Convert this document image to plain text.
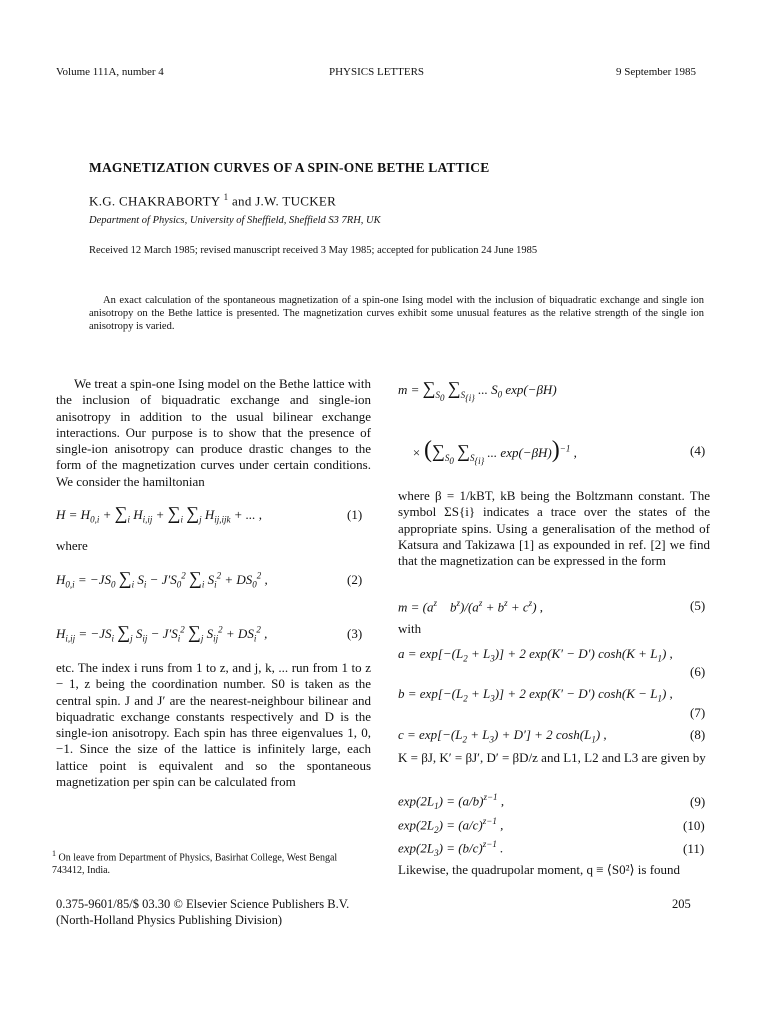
Volume 111A, number 4	PHYSICS LETTERS	9 September 1985
MAGNETIZATION CURVES OF A SPIN-ONE BETHE LATTICE
K.G. CHAKRABORTY $^1$ and J.W. TUCKER
Department of Physics, University of Sheffield, Sheffield S3 7RH, UK
Received 12 March 1985; revised manuscript received 3 May 1985; accepted for publication 24 June 1985
An exact calculation of the spontaneous magnetization of a spin-one Ising model with the inclusion of biquadratic exchange and single ion anisotropy on the Bethe lattice is presented. The magnetization curves exhibit some unusual features as the relative strength of the single ion anisotropy is varied.
We treat a spin-one Ising model on the Bethe lattice with the inclusion of biquadratic exchange and single-ion anisotropy in addition to the usual bilinear exchange interactions. Our purpose is to show that the presence of single-ion anisotropy can produce drastic changes to the form of the magnetization curves under certain conditions. We consider the hamiltonian
$H = H_{0,i} + \sum_i$ $H_{i,ij} + \sum_i$ $\sum_j$ $H_{ij,ijk}$ + ... ,	(1)
where
$H_{0,i} = -JS_0$ $\sum_i$ $S_i - J'S_0^2$ $\sum_i$ $S_i^2 + DS_0^2$ ,	(2)
$H_{i,ij} = -JS_i$ $\sum_j$ $S_{ij} - J'S_i^2$ $\sum_j$ $S_{ij}^2 + DS_i^2$ ,	(3)
etc. The index i runs from 1 to z, and j, k, ... run from 1 to z − 1, z being the coordination number. S0 is taken as the central spin. J and J′ are the nearest-neighbour bilinear and biquadratic exchange constants respectively and D is the single-ion anisotropy. Each spin has three eigenvalues 1, 0, −1. Since the size of the lattice is infinitely large, each lattice point is equivalent and so the spontaneous magnetization per spin can be calculated from
$^1$ On leave from Department of Physics, Basirhat College, West Bengal 743412, India.
0.375-9601/85/$ 03.30 © Elsevier Science Publishers B.V.
(North-Holland Physics Publishing Division)
205
$m = \sum_{S_0}$ $\sum_{S_{\{i\}}}$ ... $S_0$ exp(−βH)
× ($\sum_{S_0}$ $\sum_{S_{\{i\}}}$ ... exp(−βH))$^{-1}$ ,	(4)
where β = 1/kBT, kB being the Boltzmann constant. The symbol ΣS{i} indicates a trace over the states of the appropriate spins. Using a generalisation of the method of Katsura and Takizawa [1] as expounded in ref. [2] we find that the magnetization can be expressed in the form
$m = (a^z$    $b^z)/(a^z + b^z + c^z)$ ,	(5)
with
$a = \exp[-(L_2 + L_3)] + 2$ exp(K′ − D′) $\cosh(K + L_1)$ ,
(6)
$b = \exp[-(L_2 + L_3)] + 2$ exp(K′ − D′) $\cosh(K - L_1)$ ,
(7)
$c = \exp[-(L_2 + L_3) + D'] + 2$ $\cosh(L_1)$ ,	(8)
K = βJ, K′ = βJ′, D′ = βD/z and L1, L2 and L3 are given by
$\exp(2L_1) = (a/b)^{z-1}$ ,	(9)
$\exp(2L_2) = (a/c)^{z-1}$ ,	(10)
$\exp(2L_3) = (b/c)^{z-1}$ .	(11)
Likewise, the quadrupolar moment, q ≡ ⟨S0²⟩ is found
